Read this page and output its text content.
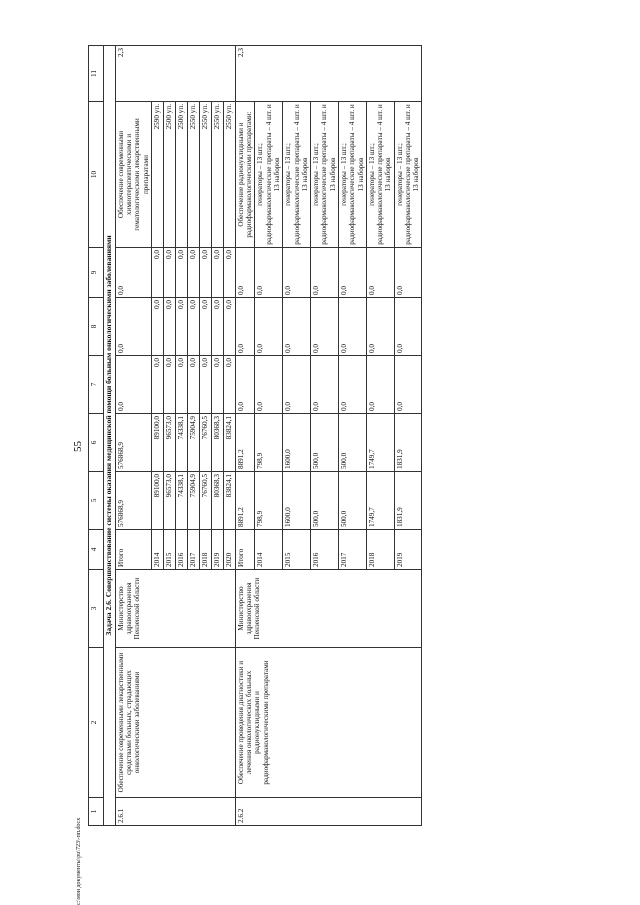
55
c:\мои документы\pu\723\-пп.docx
1	2	3	4	5	6	7	8	9	10	11
Задача 2.6. Совершенствование системы оказания медицинской помощи больным онкологическими заболеваниями										
2.6.1	Обеспечение современными лекарственными средствами больных, страдающих онкологическими заболеваниями	Министерство здравоохранения Пензенской области	Итого	576868,9	576868,9	0,0	0,0	0,0	Обеспечение современными химиотерапевтическими и гематологическими лекарственными препаратами	2,3
			2014	89100,0	89100,0	0,0	0,0	0,0	2590 уп.	
			2015	96573,0	96573,0	0,0	0,0	0,0	2500 уп.	
			2016	74338,1	74338,1	0,0	0,0	0,0	2500 уп.	
			2017	75904,9	75904,9	0,0	0,0	0,0	2550 уп.	
			2018	76760,5	76760,5	0,0	0,0	0,0	2550 уп.	
			2019	80368,3	80368,3	0,0	0,0	0,0	2550 уп.	
			2020	83824,1	83824,1	0,0	0,0	0,0	2550 уп.	
2.6.2	Обеспечение проведения диагностики и лечения онкологических больных радионуклидными и радиофармакологическими препаратами	Министерство здравоохранения Пензенской области	Итого	8891,2	8891,2	0,0	0,0	0,0	Обеспечение радионуклидными и радиофармакологическими препаратами:	2,3
			2014	798,9	798,9	0,0	0,0	0,0	генераторы – 13 шт.; радиофармакологические препараты – 4 шт. и 13 наборов	
			2015	1600,0	1600,0	0,0	0,0	0,0	генераторы – 13 шт.; радиофармакологические препараты – 4 шт. и 13 наборов	
			2016	500,0	500,0	0,0	0,0	0,0	генераторы – 13 шт.; радиофармакологические препараты – 4 шт. и 13 наборов	
			2017	500,0	500,0	0,0	0,0	0,0	генераторы – 13 шт.; радиофармакологические препараты – 4 шт. и 13 наборов	
			2018	1749,7	1749,7	0,0	0,0	0,0	генераторы – 13 шт.; радиофармакологические препараты – 4 шт. и 13 наборов	
			2019	1831,9	1831,9	0,0	0,0	0,0	генераторы – 13 шт.; радиофармакологические препараты – 4 шт. и 13 наборов	
